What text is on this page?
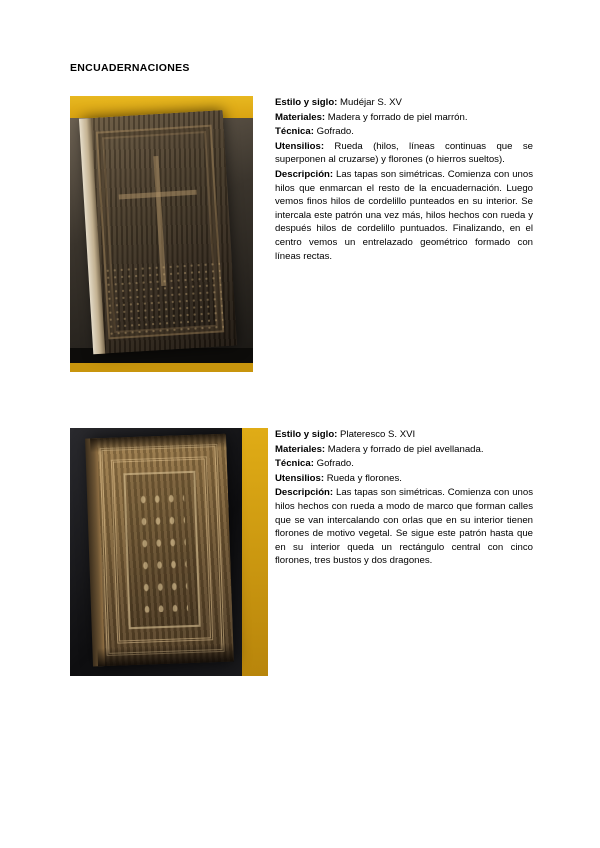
ENCUADERNACIONES

Estilo y siglo: Mudéjar S. XV

Materiales: Madera y forrado de piel marrón.

Técnica: Gofrado.

Utensilios: Rueda (hilos, líneas continuas que se superponen al cruzarse) y florones (o hierros sueltos).

Descripción: Las tapas son simétricas. Comienza con unos hilos que enmarcan el resto de la encuadernación. Luego vemos finos hilos de cordelillo punteados en su interior. Se intercala este patrón una vez más, hilos hechos con rueda y después hilos de cordelillo puntuados. Finalizando, en el centro vemos un entrelazado geométrico formado con líneas rectas.

Estilo y siglo: Plateresco S. XVI

Materiales: Madera y forrado de piel avellanada.

Técnica: Gofrado.

Utensilios: Rueda y florones.

Descripción: Las tapas son simétricas. Comienza con unos hilos hechos con rueda a modo de marco que forman calles que se van intercalando con orlas que en su interior tienen florones de motivo vegetal. Se sigue este patrón hasta que en su interior queda un rectángulo central con cinco florones, tres bustos y dos dragones.
